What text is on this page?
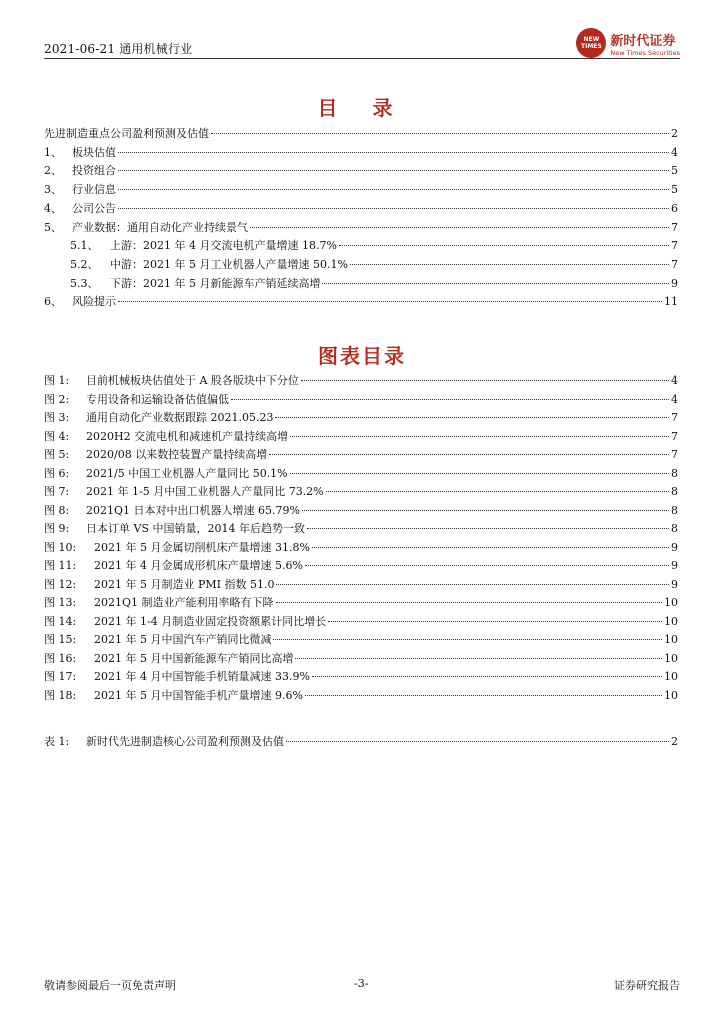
2021-06-21 通用机械行业
NEW
TIMES 新时代证券
New Times Securities
目 录
先进制造重点公司盈利预测及估值	2
1、 板块估值	4
2、 投资组合	5
3、 行业信息	5
4、 公司公告	6
5、 产业数据：通用自动化产业持续景气	7
5.1、	上游：2021 年 4 月交流电机产量增速 18.7%	7
5.2、	中游：2021 年 5 月工业机器人产量增速 50.1%	7
5.3、	下游：2021 年 5 月新能源车产销延续高增	9
6、 风险提示	11
图表目录
图 1:	目前机械板块估值处于 A 股各版块中下分位	4
图 2:	专用设备和运输设备估值偏低	4
图 3:	通用自动化产业数据跟踪 2021.05.23	7
图 4:	2020H2 交流电机和减速机产量持续高增	7
图 5:	2020/08 以来数控装置产量持续高增	7
图 6:	2021/5 中国工业机器人产量同比 50.1%	8
图 7:	2021 年 1-5 月中国工业机器人产量同比 73.2%	8
图 8:	2021Q1 日本对中出口机器人增速 65.79%	8
图 9:	日本订单 VS 中国销量，2014 年后趋势一致	8
图 10:	2021 年 5 月金属切削机床产量增速 31.8%	9
图 11:	2021 年 4 月金属成形机床产量增速 5.6%	9
图 12:	2021 年 5 月制造业 PMI 指数 51.0	9
图 13:	2021Q1 制造业产能利用率略有下降	10
图 14:	2021 年 1-4 月制造业固定投资额累计同比增长	10
图 15:	2021 年 5 月中国汽车产销同比微减	10
图 16:	2021 年 5 月中国新能源车产销同比高增	10
图 17:	2021 年 4 月中国智能手机销量减速 33.9%	10
图 18:	2021 年 5 月中国智能手机产量增速 9.6%	10
表 1:	新时代先进制造核心公司盈利预测及估值	2
敬请参阅最后一页免责声明	-3-	证券研究报告
